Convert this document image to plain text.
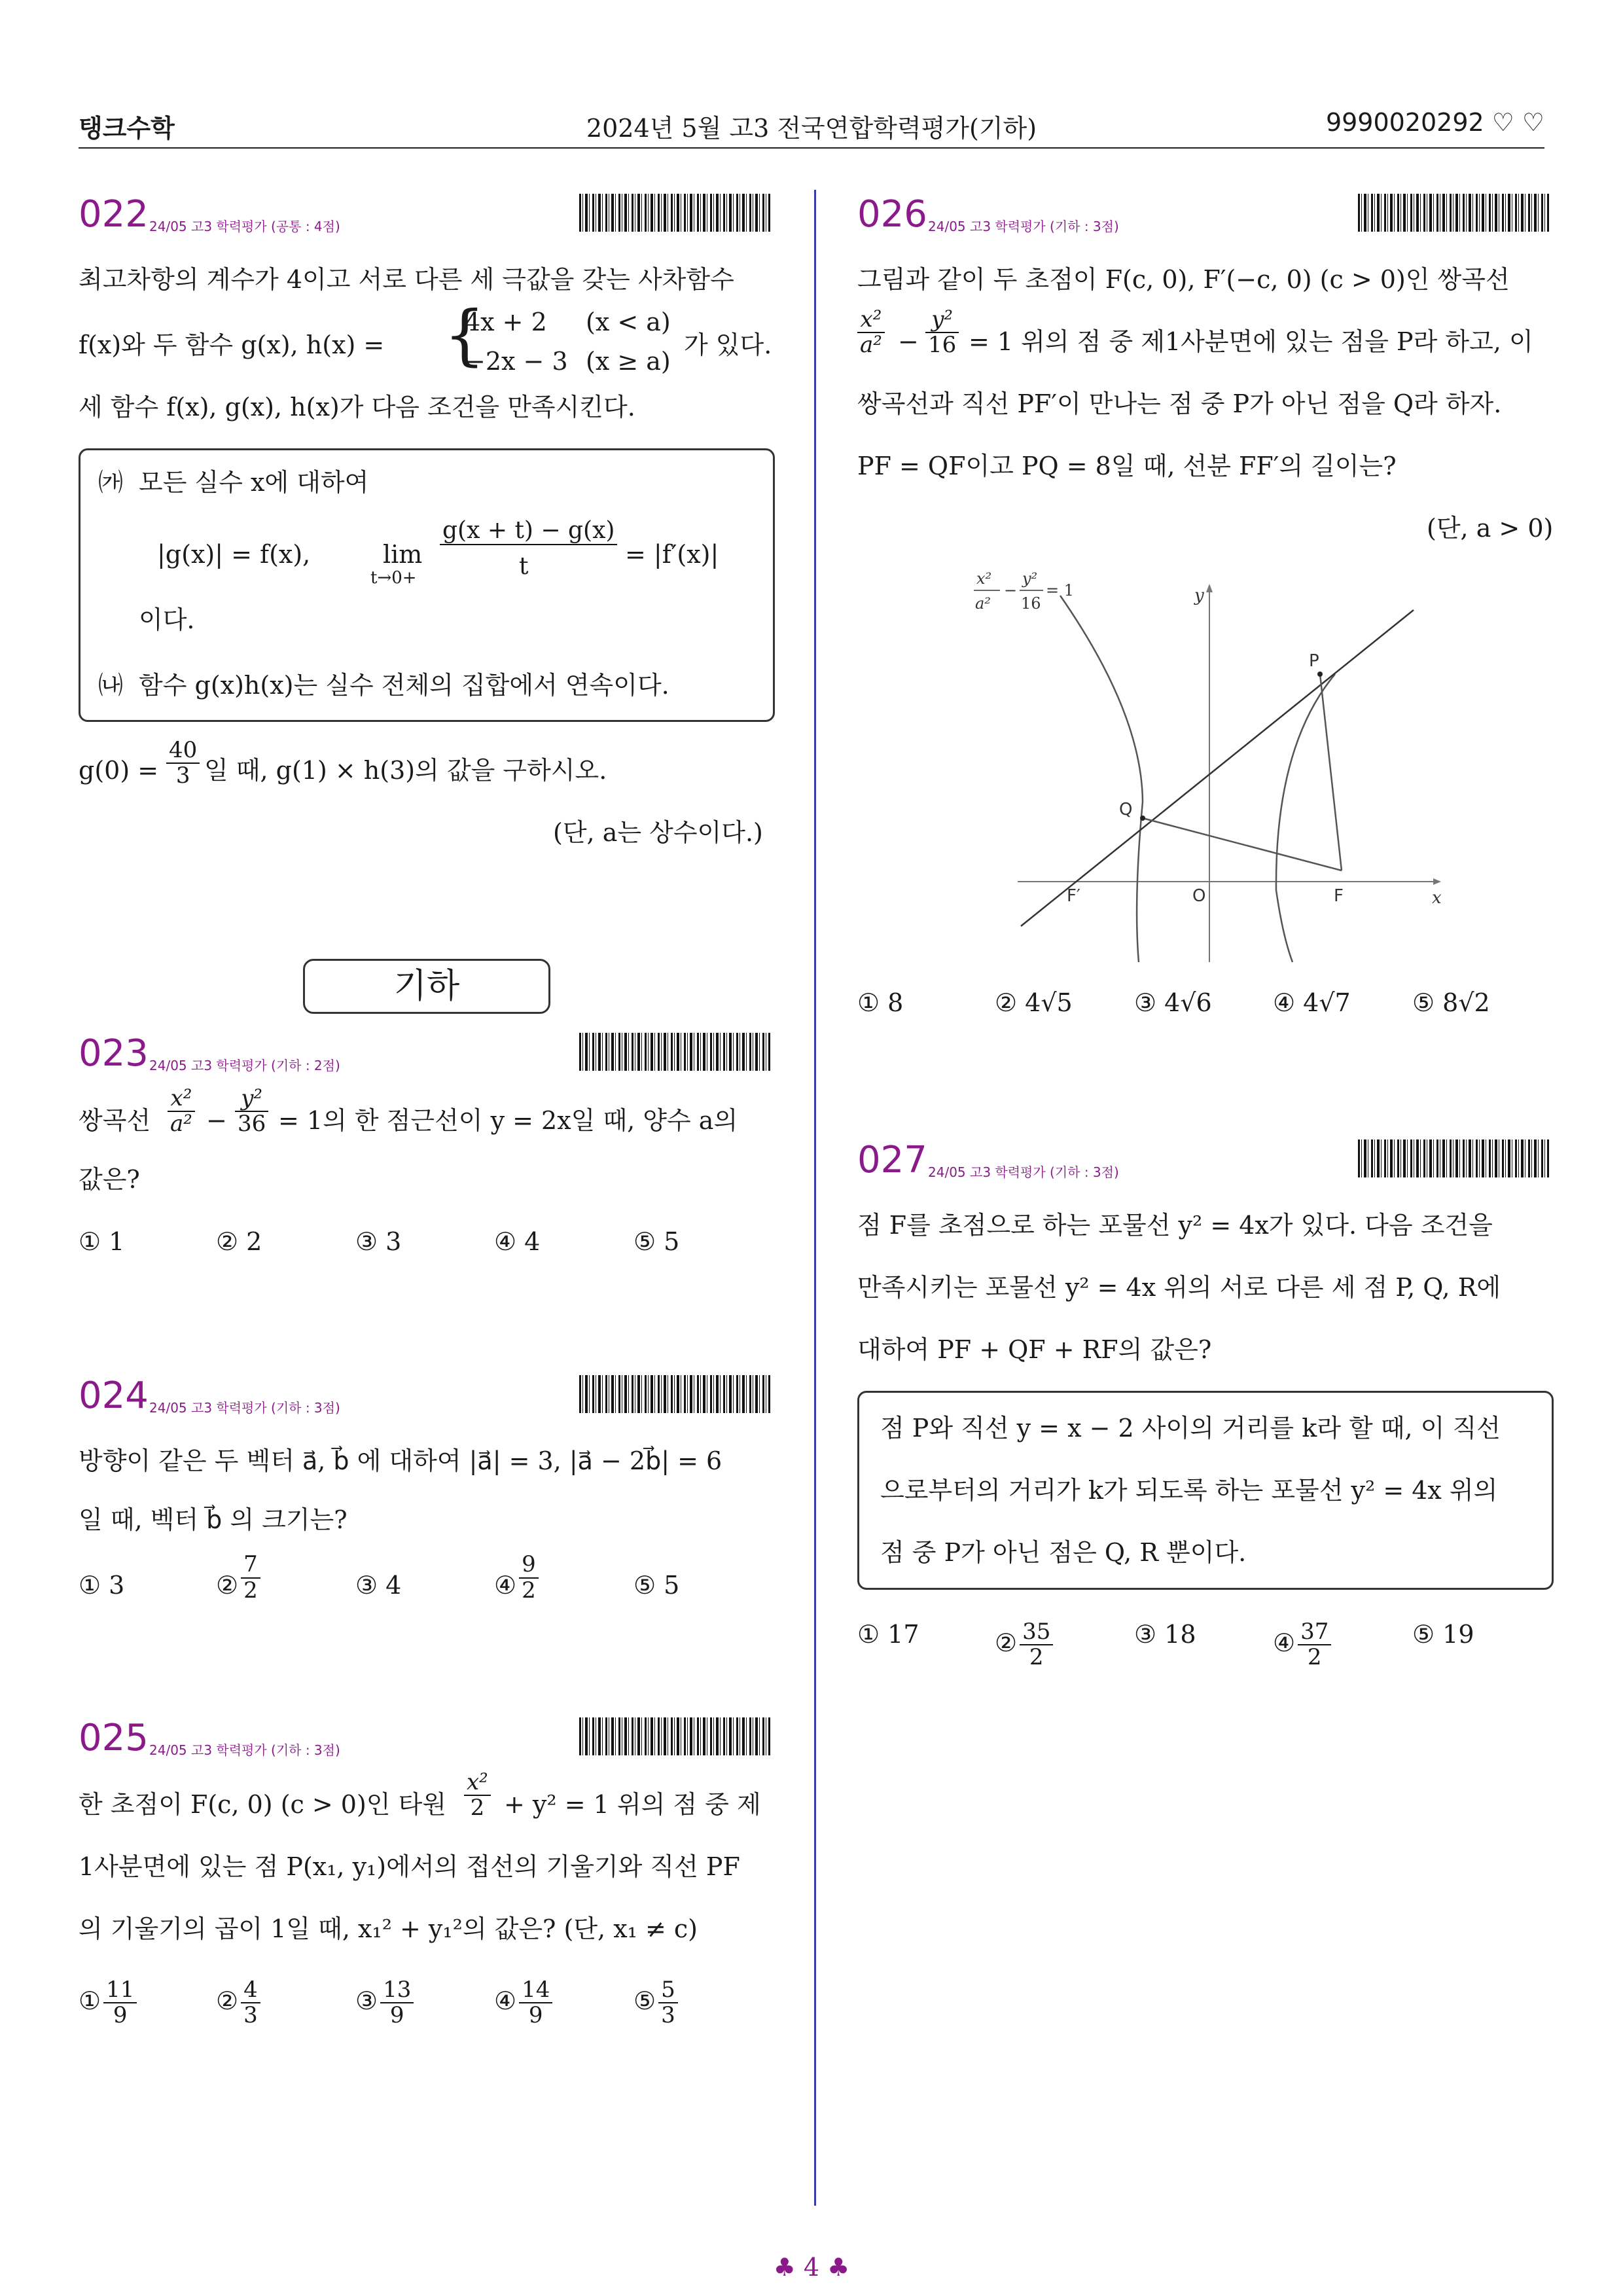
탱크수학	2024년 5월 고3 전국연합학력평가(기하)	9990020292 ♡ ♡
022 24/05 고3 학력평가 (공통 : 4점)
최고차항의 계수가 4이고 서로 다른 세 극값을 갖는 사차함수
f(x)와 두 함수 g(x), h(x) = {
4x + 2 (x < a)
−2x − 3 (x ≥ a)
가 있다.
세 함수 f(x), g(x), h(x)가 다음 조건을 만족시킨다.
㈎ 모든 실수 x에 대하여
|g(x)| = f(x),	lim
t→0+
g(x + t) − g(x)
t	= |f′(x)|
이다.
㈏ 함수 g(x)h(x)는 실수 전체의 집합에서 연속이다.
$g(0) = \frac{40}{3}$ 일 때, g(1) × h(3)의 값을 구하시오.
(단, a는 상수이다.)
기하
023 24/05 고3 학력평가 (기하 : 2점)
쌍곡선 $\frac{\text{x²}}{\text{a²}} - \frac{\text{y²}}{36} = 1$의 한 점근선이 y = 2x일 때, 양수 a의
값은?
① 1	② 2	③ 3	④ 4	⑤ 5
024 24/05 고3 학력평가 (기하 : 3점)
방향이 같은 두 벡터 a⃗, b⃗ 에 대하여 |a⃗| = 3, |a⃗ − 2b⃗| = 6
일 때, 벡터 b⃗ 의 크기는?
① 3	② $\frac{7}{2}$	③ 4	④ $\frac{9}{2}$	⑤ 5
025 24/05 고3 학력평가 (기하 : 3점)
한 초점이 F(c, 0) (c > 0)인 타원 $\frac{\text{x²}}{2} + y^2 = 1$ 위의 점 중 제
1사분면에 있는 점 P(x₁, y₁)에서의 접선의 기울기와 직선 PF
의 기울기의 곱이 1일 때, x₁² + y₁²의 값은? (단, x₁ ≠ c)
① $\frac{11}{9}$	② $\frac{4}{3}$	③ $\frac{13}{9}$	④ $\frac{14}{9}$	⑤ $\frac{5}{3}$
026 24/05 고3 학력평가 (기하 : 3점)
그림과 같이 두 초점이 F(c, 0), F′(−c, 0) (c > 0)인 쌍곡선
$\frac{\text{x²}}{\text{a²}} - \frac{\text{y²}}{16} = 1$ 위의 점 중 제1사분면에 있는 점을 P라 하고, 이
쌍곡선과 직선 PF′이 만나는 점 중 P가 아닌 점을 Q라 하자.
PF = QF이고 PQ = 8일 때, 선분 FF′의 길이는?
(단, a > 0)
P
Q
F
F′	O
y
x
x²
a²
−
y²
16
= 1
① 8	② 4√5 ③ 4√6 ④ 4√7 ⑤ 8√2
027 24/05 고3 학력평가 (기하 : 3점)
점 F를 초점으로 하는 포물선 y² = 4x가 있다. 다음 조건을
만족시키는 포물선 y² = 4x 위의 서로 다른 세 점 P, Q, R에
대하여 PF + QF + RF의 값은?
점 P와 직선 y = x − 2 사이의 거리를 k라 할 때, 이 직선
으로부터의 거리가 k가 되도록 하는 포물선 y² = 4x 위의
점 중 P가 아닌 점은 Q, R 뿐이다.
① 17	② $\frac{35}{2}$	③ 18	④ $\frac{37}{2}$	⑤ 19
♣ 4 ♣
